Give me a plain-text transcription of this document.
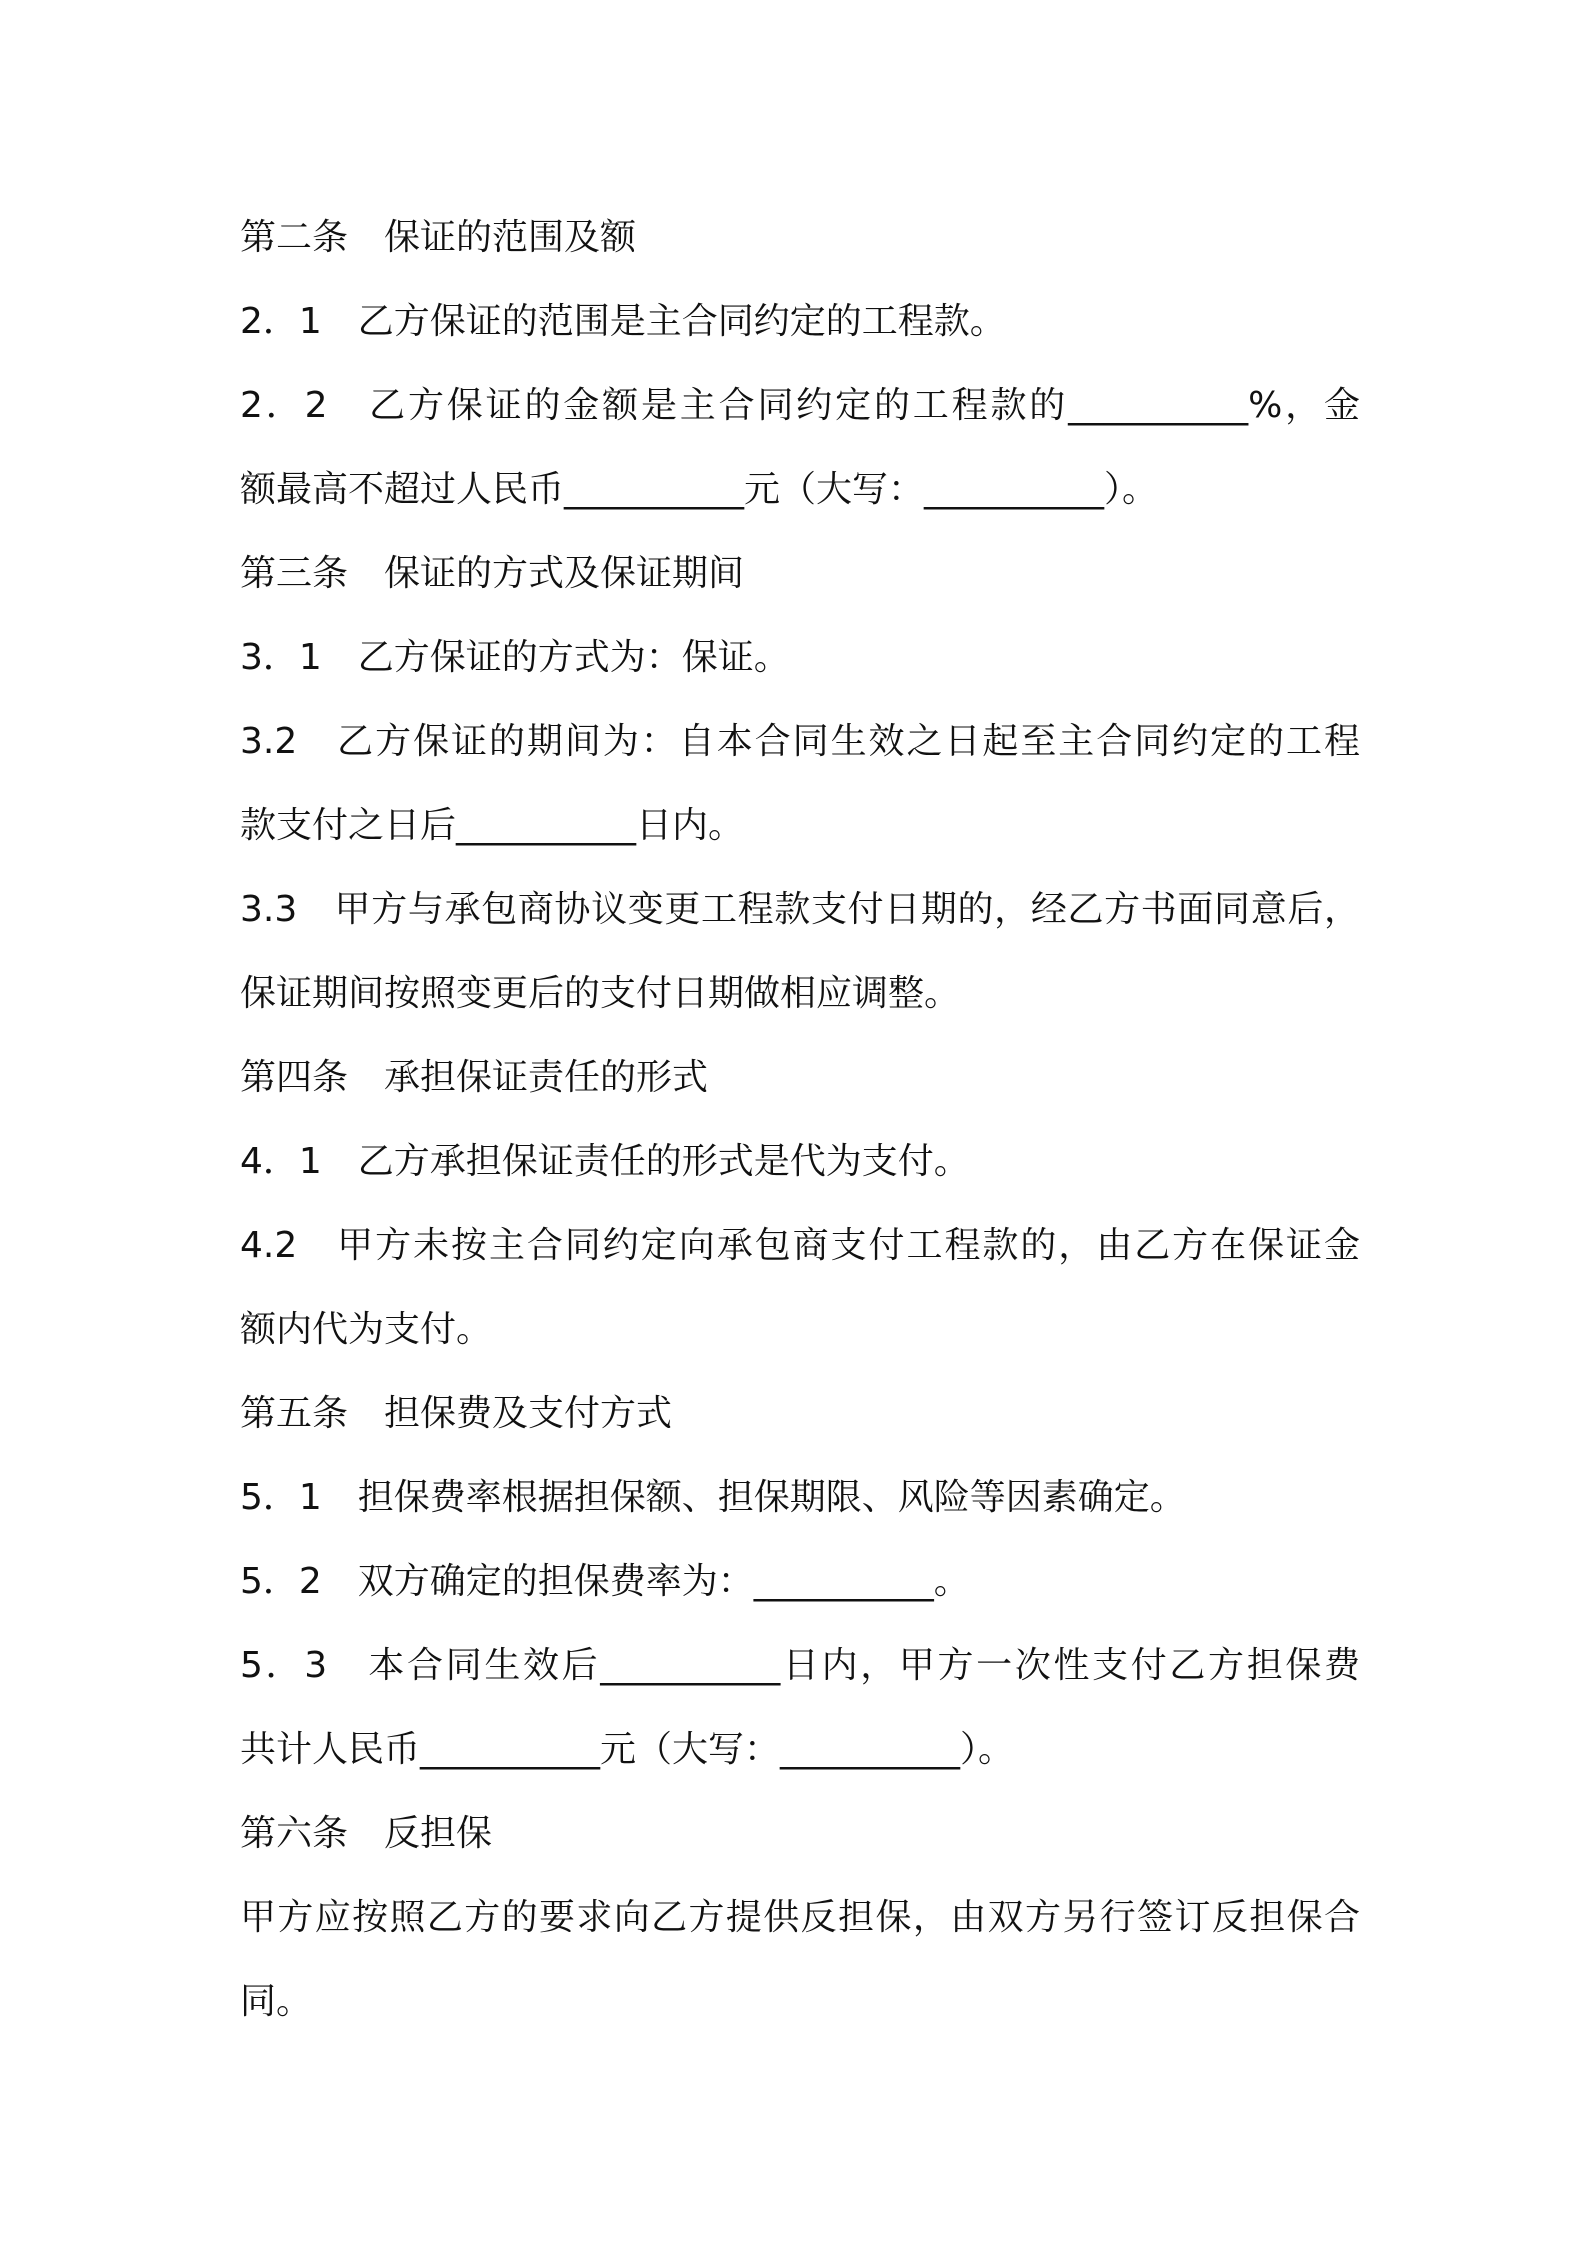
第二条　保证的范围及额

2．1　乙方保证的范围是主合同约定的工程款。

2．2　乙方保证的金额是主合同约定的工程款的__________%，金

额最高不超过人民币__________元（大写：__________）。

第三条　保证的方式及保证期间

3．1　乙方保证的方式为：保证。

3.2　乙方保证的期间为：自本合同生效之日起至主合同约定的工程

款支付之日后__________日内。

3.3　甲方与承包商协议变更工程款支付日期的，经乙方书面同意后，

保证期间按照变更后的支付日期做相应调整。

第四条　承担保证责任的形式

4．1　乙方承担保证责任的形式是代为支付。

4.2　甲方未按主合同约定向承包商支付工程款的，由乙方在保证金

额内代为支付。

第五条　担保费及支付方式

5．1　担保费率根据担保额、担保期限、风险等因素确定。

5．2　双方确定的担保费率为：__________。

5．3　本合同生效后__________日内，甲方一次性支付乙方担保费

共计人民币__________元（大写：__________）。

第六条　反担保

甲方应按照乙方的要求向乙方提供反担保，由双方另行签订反担保合

同。
